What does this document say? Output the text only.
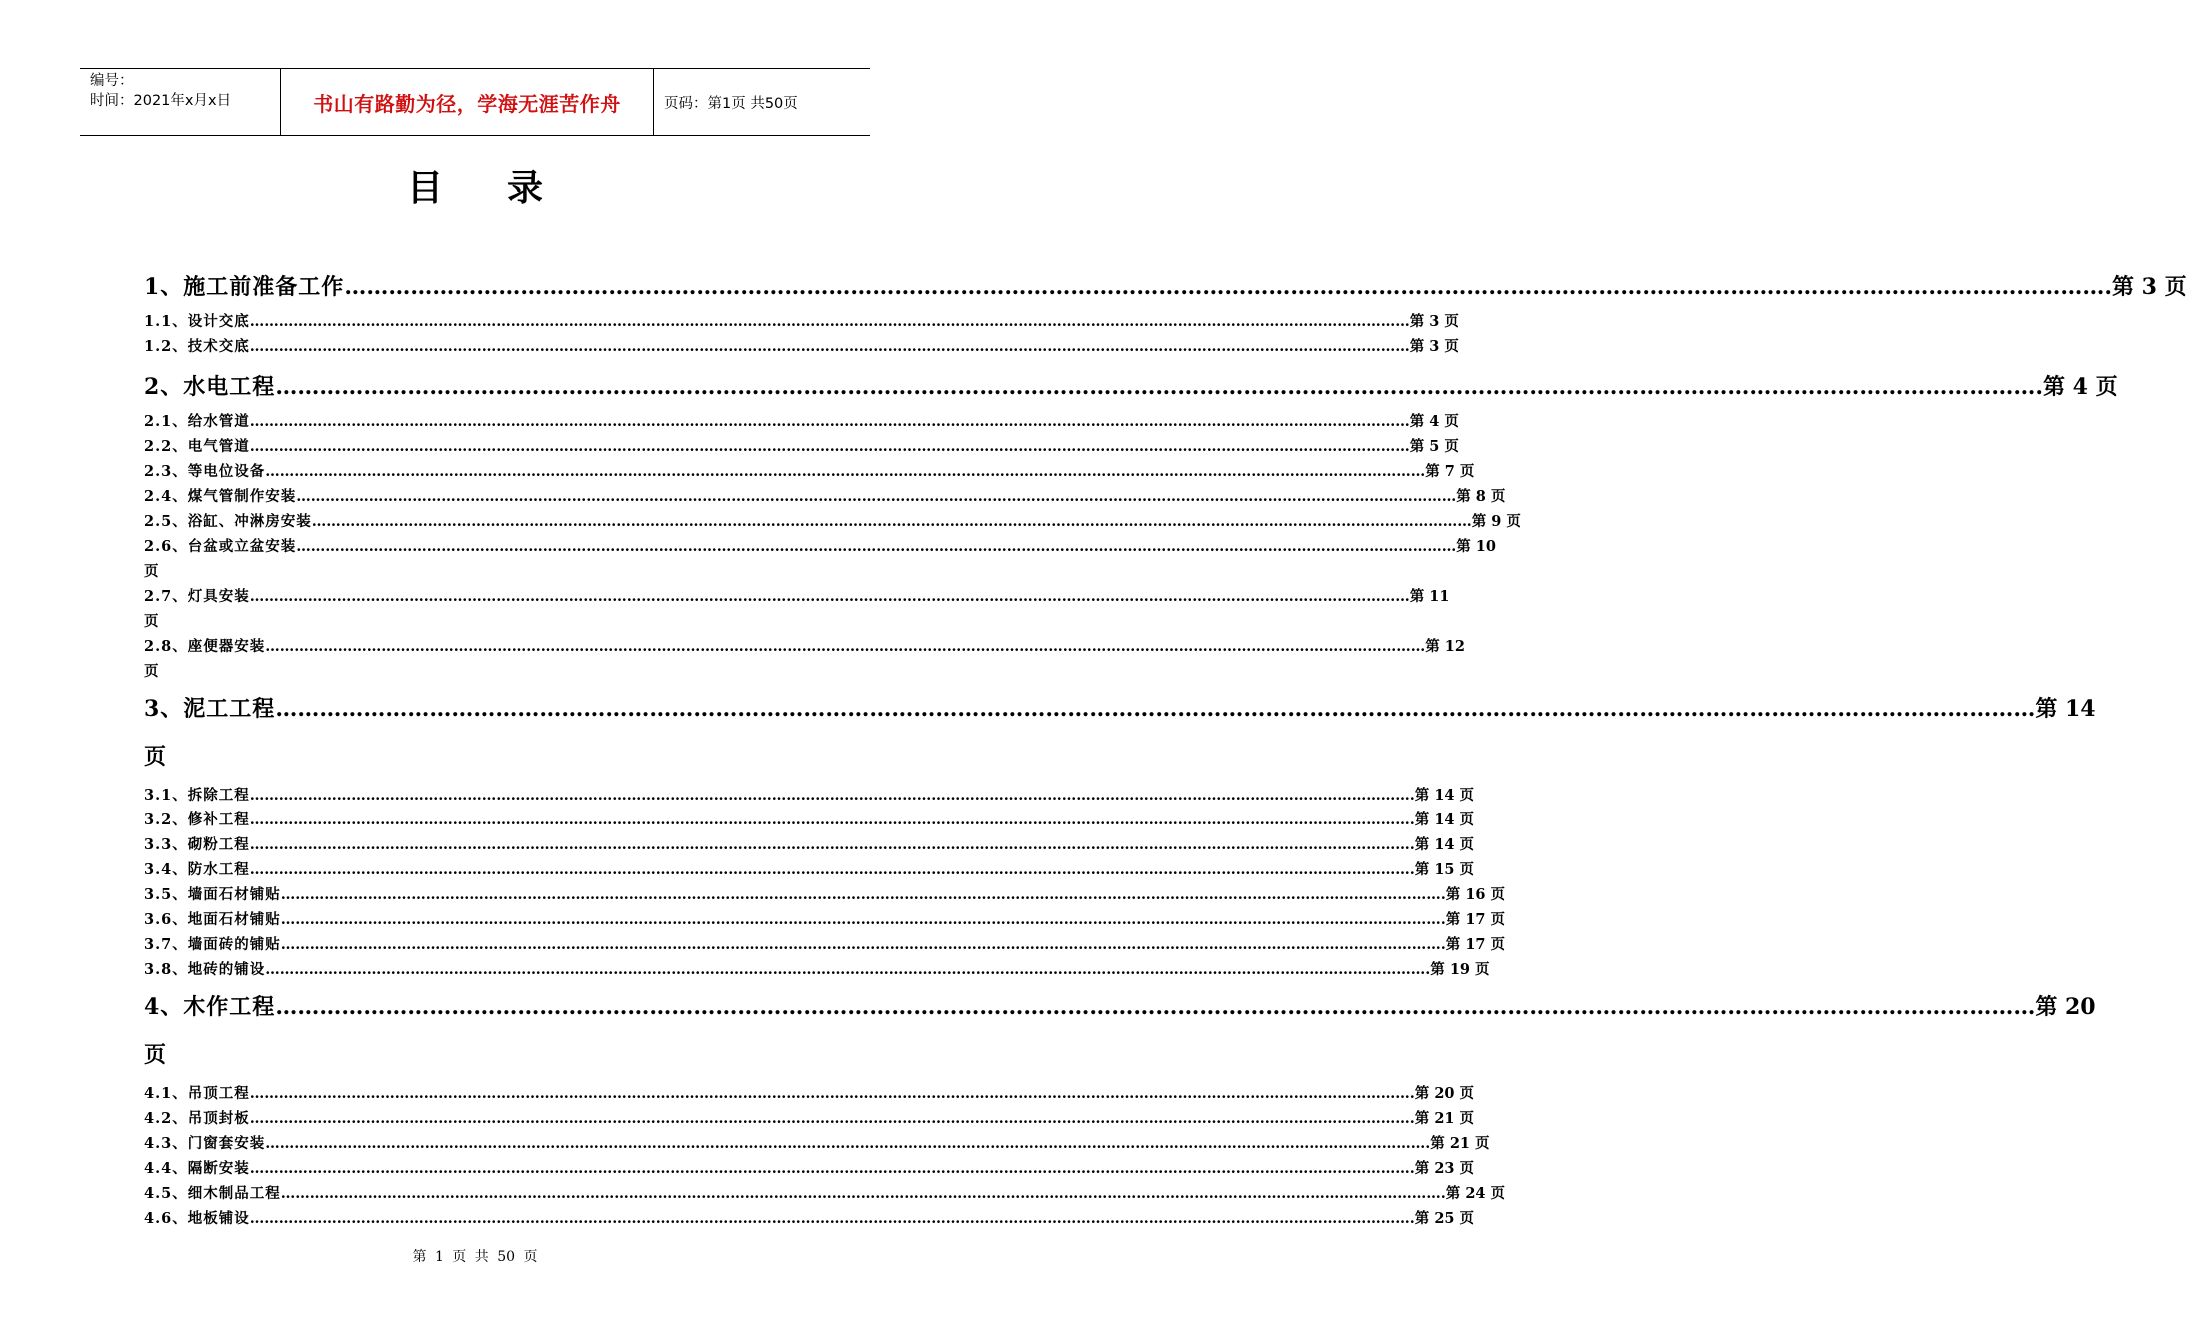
编号：
时间：2021年x月x日	书山有路勤为径，学海无涯苦作舟	页码：第1页 共50页
目录
1、施工前准备工作 …………………………………………………………………………………………………………………………………………………………………………………………………………………… .第 3 页
1.1、设计交底 …………………………………………………………………………………………………………………………………………………………………………………………………………………… 第 3 页
1.2、技术交底 …………………………………………………………………………………………………………………………………………………………………………………………………………………… 第 3 页
2、水电工程 …………………………………………………………………………………………………………………………………………………………………………………………………………………… .第 4 页
2.1、给水管道 …………………………………………………………………………………………………………………………………………………………………………………………………………………… 第 4 页
2.2、电气管道 …………………………………………………………………………………………………………………………………………………………………………………………………………………… 第 5 页
2.3、等电位设备 …………………………………………………………………………………………………………………………………………………………………………………………………………………… 第 7 页
2.4、煤气管制作安装 …………………………………………………………………………………………………………………………………………………………………………………………………………………… 第 8 页
2.5、浴缸、冲淋房安装 …………………………………………………………………………………………………………………………………………………………………………………………………………………… 第 9 页
2.6、台盆或立盆安装 …………………………………………………………………………………………………………………………………………………………………………………………………………………… 第 10
页
2.7、灯具安装 …………………………………………………………………………………………………………………………………………………………………………………………………………………… 第 11
页
2.8、座便器安装 …………………………………………………………………………………………………………………………………………………………………………………………………………………… 第 12
页
3、泥工工程 …………………………………………………………………………………………………………………………………………………………………………………………………………………… 第 14
页
3.1、拆除工程 …………………………………………………………………………………………………………………………………………………………………………………………………………………… .第 14 页
3.2、修补工程 …………………………………………………………………………………………………………………………………………………………………………………………………………………… .第 14 页
3.3、砌粉工程 …………………………………………………………………………………………………………………………………………………………………………………………………………………… .第 14 页
3.4、防水工程 …………………………………………………………………………………………………………………………………………………………………………………………………………………… .第 15 页
3.5、墙面石材铺贴 …………………………………………………………………………………………………………………………………………………………………………………………………………………… .第 16 页
3.6、地面石材铺贴 …………………………………………………………………………………………………………………………………………………………………………………………………………………… .第 17 页
3.7、墙面砖的铺贴 …………………………………………………………………………………………………………………………………………………………………………………………………………………… .第 17 页
3.8、地砖的铺设 …………………………………………………………………………………………………………………………………………………………………………………………………………………… .第 19 页
4、木作工程 …………………………………………………………………………………………………………………………………………………………………………………………………………………… 第 20
页
4.1、吊顶工程 …………………………………………………………………………………………………………………………………………………………………………………………………………………… .第 20 页
4.2、吊顶封板 …………………………………………………………………………………………………………………………………………………………………………………………………………………… .第 21 页
4.3、门窗套安装 …………………………………………………………………………………………………………………………………………………………………………………………………………………… .第 21 页
4.4、隔断安装 …………………………………………………………………………………………………………………………………………………………………………………………………………………… .第 23 页
4.5、细木制品工程 …………………………………………………………………………………………………………………………………………………………………………………………………………………… .第 24 页
4.6、地板铺设 …………………………………………………………………………………………………………………………………………………………………………………………………………………… .第 25 页
第 1 页 共 50 页
